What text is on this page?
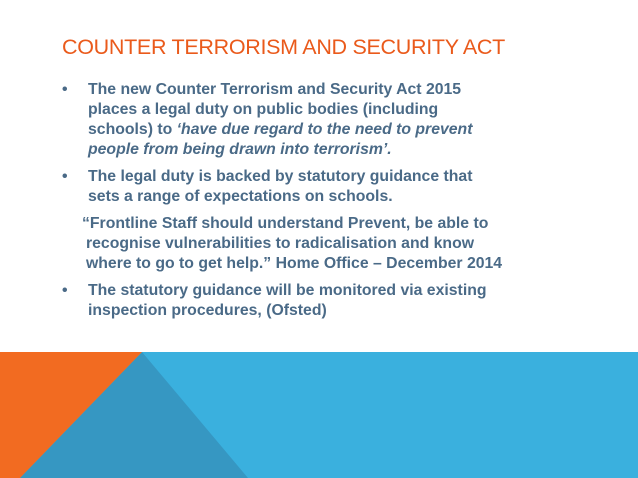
COUNTER TERRORISM AND SECURITY ACT
• The new Counter Terrorism and Security Act 2015
places a legal duty on public bodies (including
schools) to ‘have due regard to the need to prevent
people from being drawn into terrorism’.
• The legal duty is backed by statutory guidance that
sets a range of expectations on schools.
“Frontline Staff should understand Prevent, be able to
recognise vulnerabilities to radicalisation and know
where to go to get help.” Home Office – December 2014
• The statutory guidance will be monitored via existing
inspection procedures, (Ofsted)
